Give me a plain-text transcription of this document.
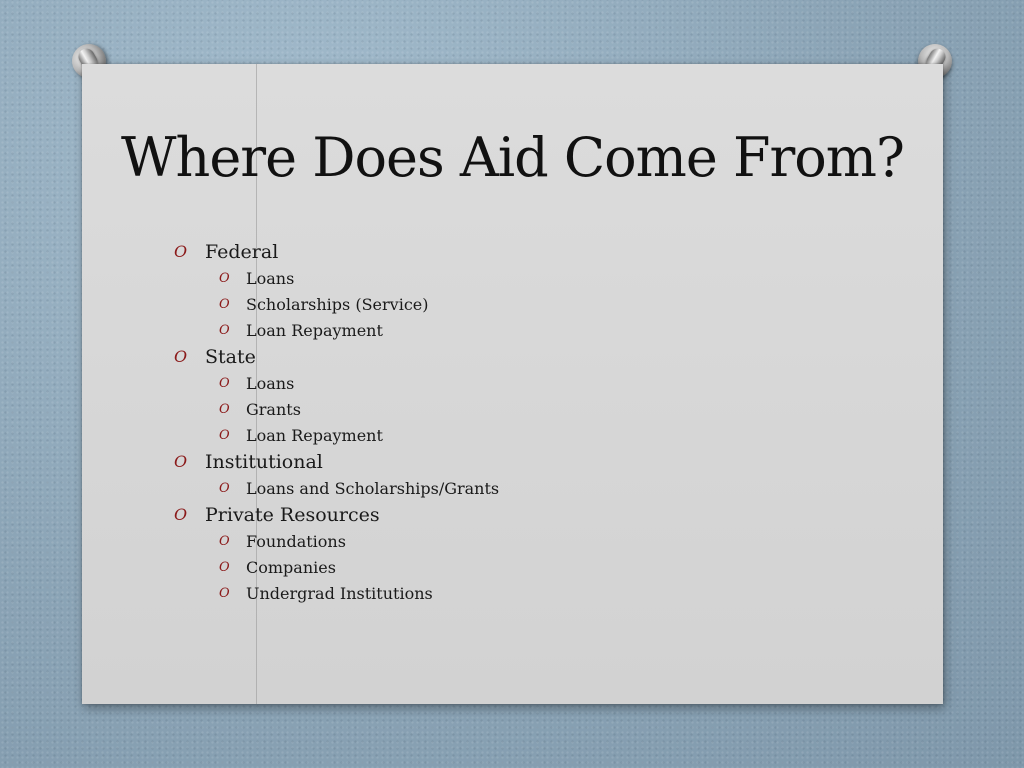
Where Does Aid Come From?
O Federal
O Loans
O Scholarships (Service)
O Loan Repayment
O State
O Loans
O Grants
O Loan Repayment
O Institutional
O Loans and Scholarships/Grants
O Private Resources
O Foundations
O Companies
O Undergrad Institutions
